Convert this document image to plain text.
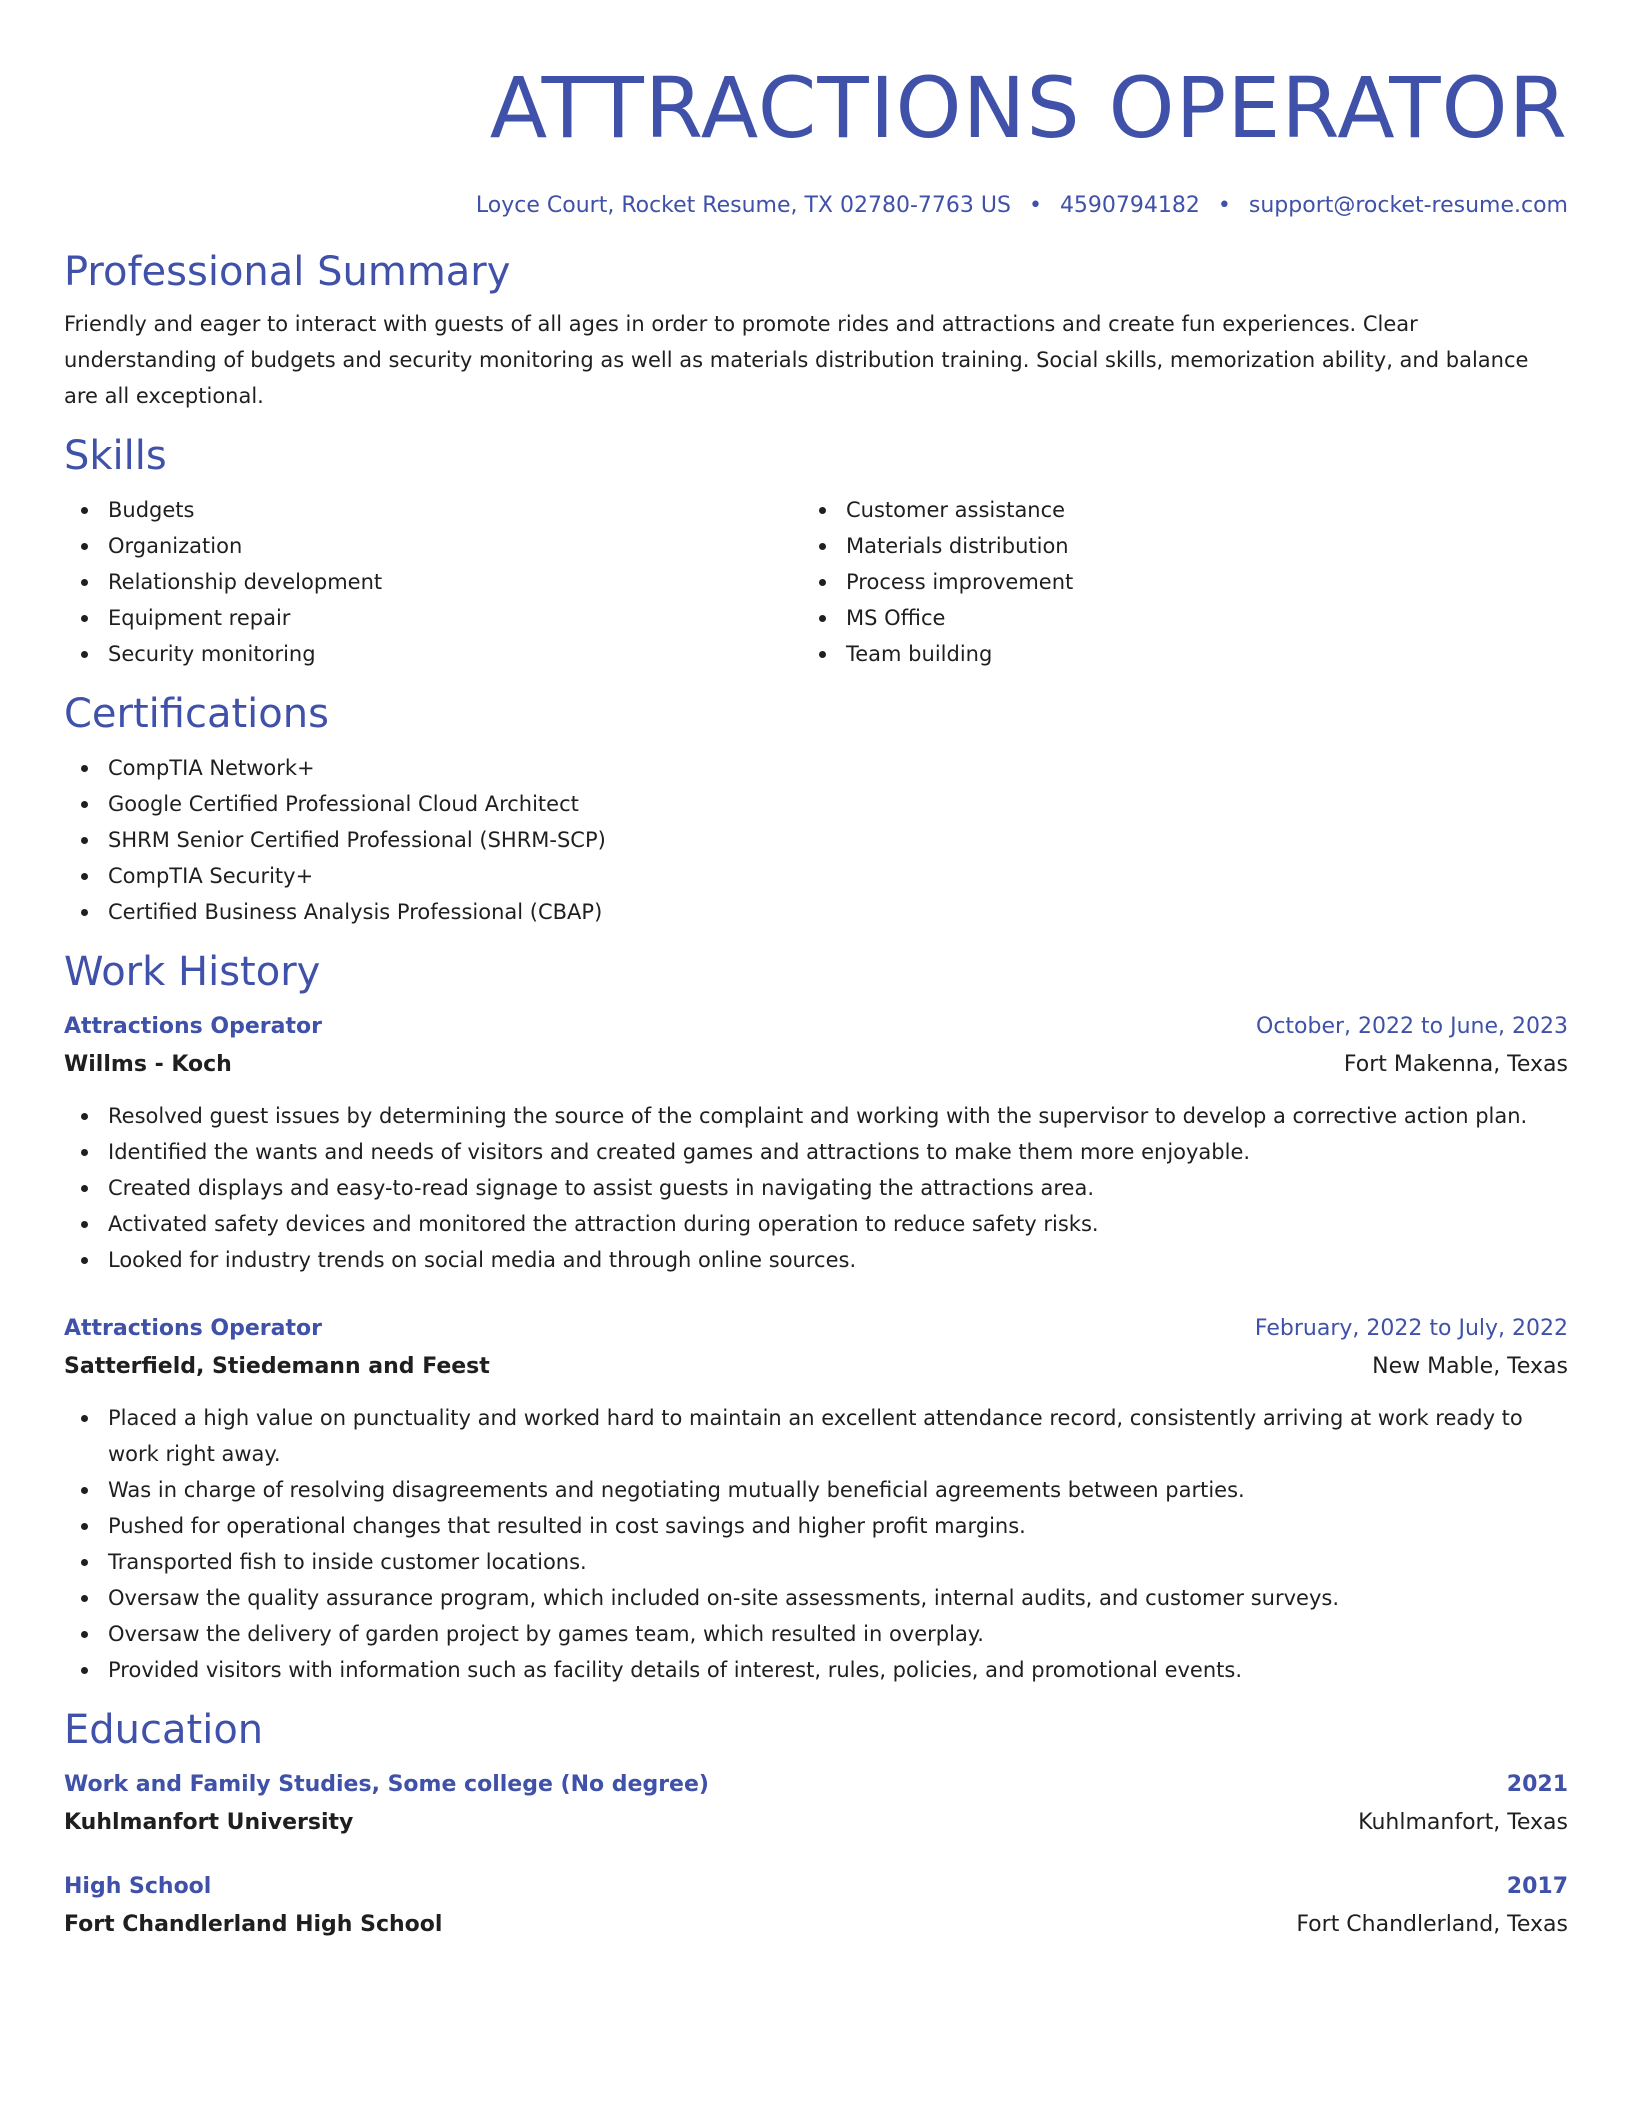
ATTRACTIONS OPERATOR
Loyce Court, Rocket Resume, TX 02780-7763 US • 4590794182 • support@rocket-resume.com
Professional Summary

Friendly and eager to interact with guests of all ages in order to promote rides and attractions and create fun experiences. Clear understanding of budgets and security monitoring as well as materials distribution training. Social skills, memorization ability, and balance are all exceptional.

Skills
Budgets
Organization
Relationship development
Equipment repair
Security monitoring
Customer assistance
Materials distribution
Process improvement
MS Office
Team building
Certifications
CompTIA Network+
Google Certified Professional Cloud Architect
SHRM Senior Certified Professional (SHRM-SCP)
CompTIA Security+
Certified Business Analysis Professional (CBAP)
Work History
Attractions Operator	October, 2022 to June, 2023
Willms - Koch	Fort Makenna, Texas
Resolved guest issues by determining the source of the complaint and working with the supervisor to develop a corrective action plan.
Identified the wants and needs of visitors and created games and attractions to make them more enjoyable.
Created displays and easy-to-read signage to assist guests in navigating the attractions area.
Activated safety devices and monitored the attraction during operation to reduce safety risks.
Looked for industry trends on social media and through online sources.
Attractions Operator	February, 2022 to July, 2022
Satterfield, Stiedemann and Feest	New Mable, Texas
Placed a high value on punctuality and worked hard to maintain an excellent attendance record, consistently arriving at work ready to work right away.
Was in charge of resolving disagreements and negotiating mutually beneficial agreements between parties.
Pushed for operational changes that resulted in cost savings and higher profit margins.
Transported fish to inside customer locations.
Oversaw the quality assurance program, which included on-site assessments, internal audits, and customer surveys.
Oversaw the delivery of garden project by games team, which resulted in overplay.
Provided visitors with information such as facility details of interest, rules, policies, and promotional events.
Education
Work and Family Studies, Some college (No degree)	2021
Kuhlmanfort University	Kuhlmanfort, Texas
High School	2017
Fort Chandlerland High School	Fort Chandlerland, Texas
